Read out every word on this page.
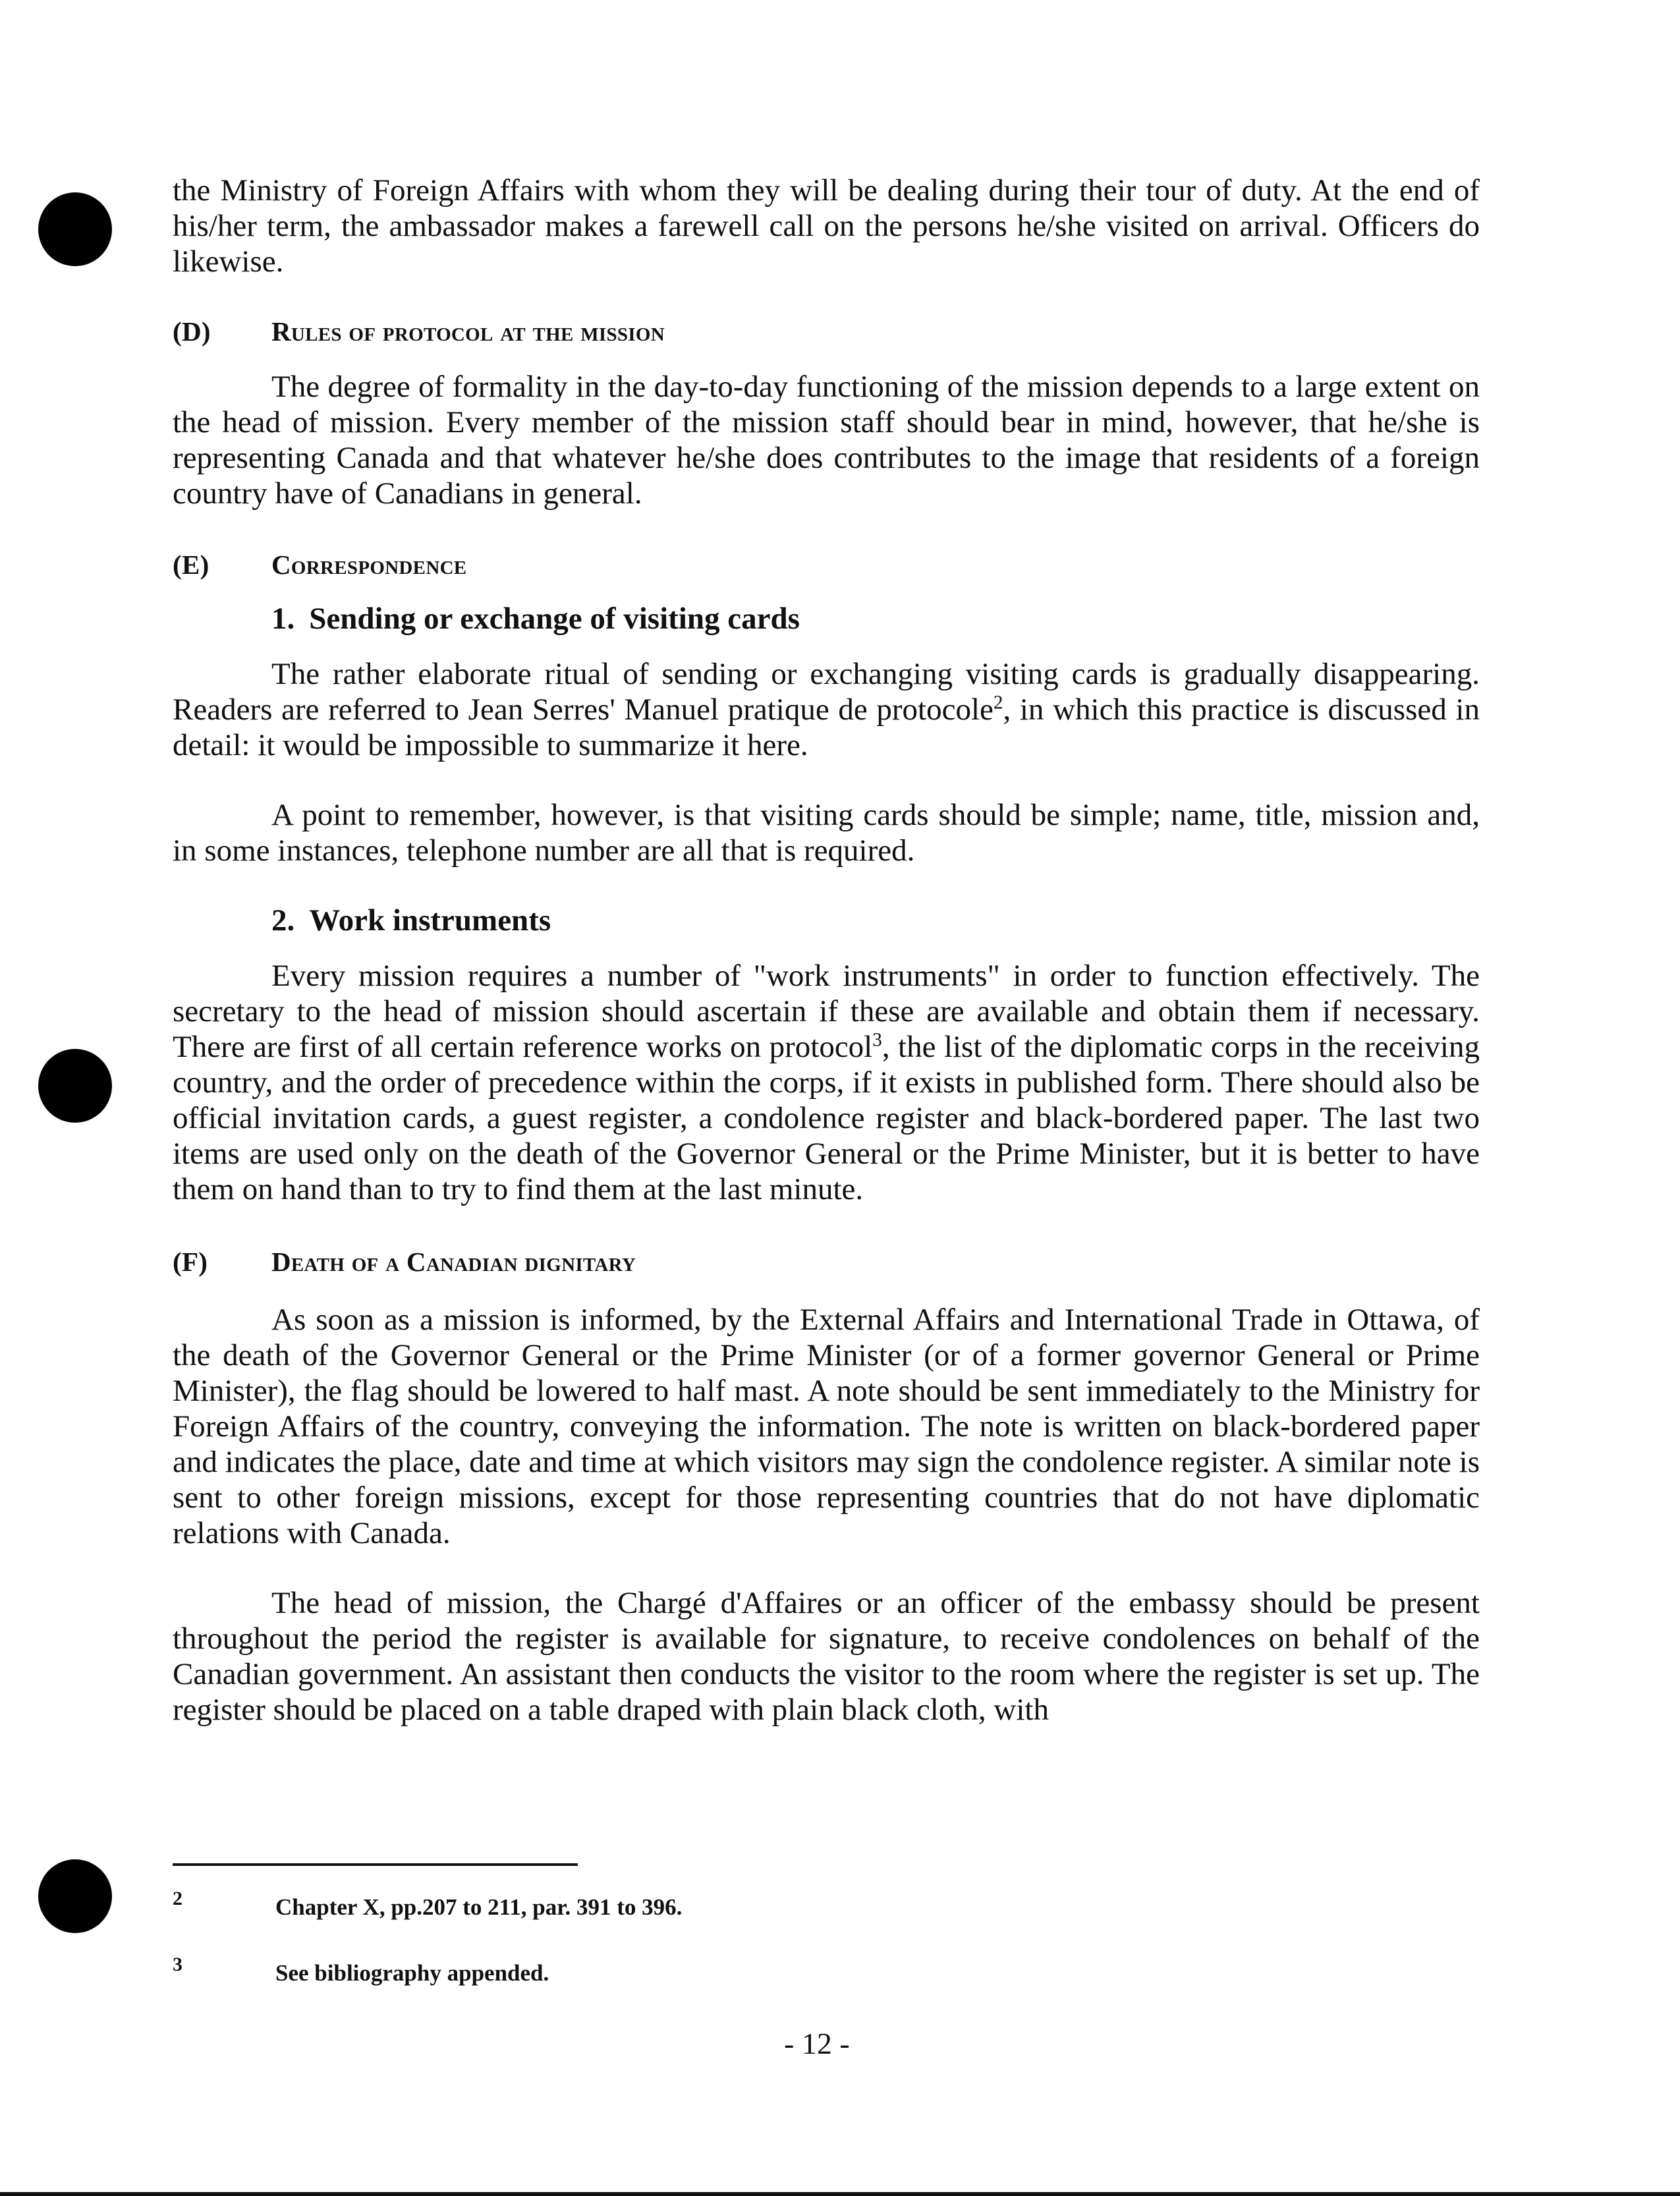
the Ministry of Foreign Affairs with whom they will be dealing during their tour of duty. At the end of his/her term, the ambassador makes a farewell call on the persons he/she visited on arrival. Officers do likewise.

(D)	Rules of protocol at the mission

The degree of formality in the day-to-day functioning of the mission depends to a large extent on the head of mission. Every member of the mission staff should bear in mind, however, that he/she is representing Canada and that whatever he/she does contributes to the image that residents of a foreign country have of Canadians in general.

(E)	Correspondence
1. Sending or exchange of visiting cards

The rather elaborate ritual of sending or exchanging visiting cards is gradually disappearing. Readers are referred to Jean Serres' Manuel pratique de protocole$^2$, in which this practice is discussed in detail: it would be impossible to summarize it here.

A point to remember, however, is that visiting cards should be simple; name, title, mission and, in some instances, telephone number are all that is required.

2. Work instruments

Every mission requires a number of "work instruments" in order to function effectively. The secretary to the head of mission should ascertain if these are available and obtain them if necessary. There are first of all certain reference works on protocol$^3$, the list of the diplomatic corps in the receiving country, and the order of precedence within the corps, if it exists in published form. There should also be official invitation cards, a guest register, a condolence register and black-bordered paper. The last two items are used only on the death of the Governor General or the Prime Minister, but it is better to have them on hand than to try to find them at the last minute.

(F)	Death of a Canadian dignitary

As soon as a mission is informed, by the External Affairs and International Trade in Ottawa, of the death of the Governor General or the Prime Minister (or of a former governor General or Prime Minister), the flag should be lowered to half mast. A note should be sent immediately to the Ministry for Foreign Affairs of the country, conveying the information. The note is written on black-bordered paper and indicates the place, date and time at which visitors may sign the condolence register. A similar note is sent to other foreign missions, except for those representing countries that do not have diplomatic relations with Canada.

The head of mission, the Chargé d'Affaires or an officer of the embassy should be present throughout the period the register is available for signature, to receive condolences on behalf of the Canadian government. An assistant then conducts the visitor to the room where the register is set up. The register should be placed on a table draped with plain black cloth, with

2	Chapter X, pp.207 to 211, par. 391 to 396.
3	See bibliography appended.
- 12 -
